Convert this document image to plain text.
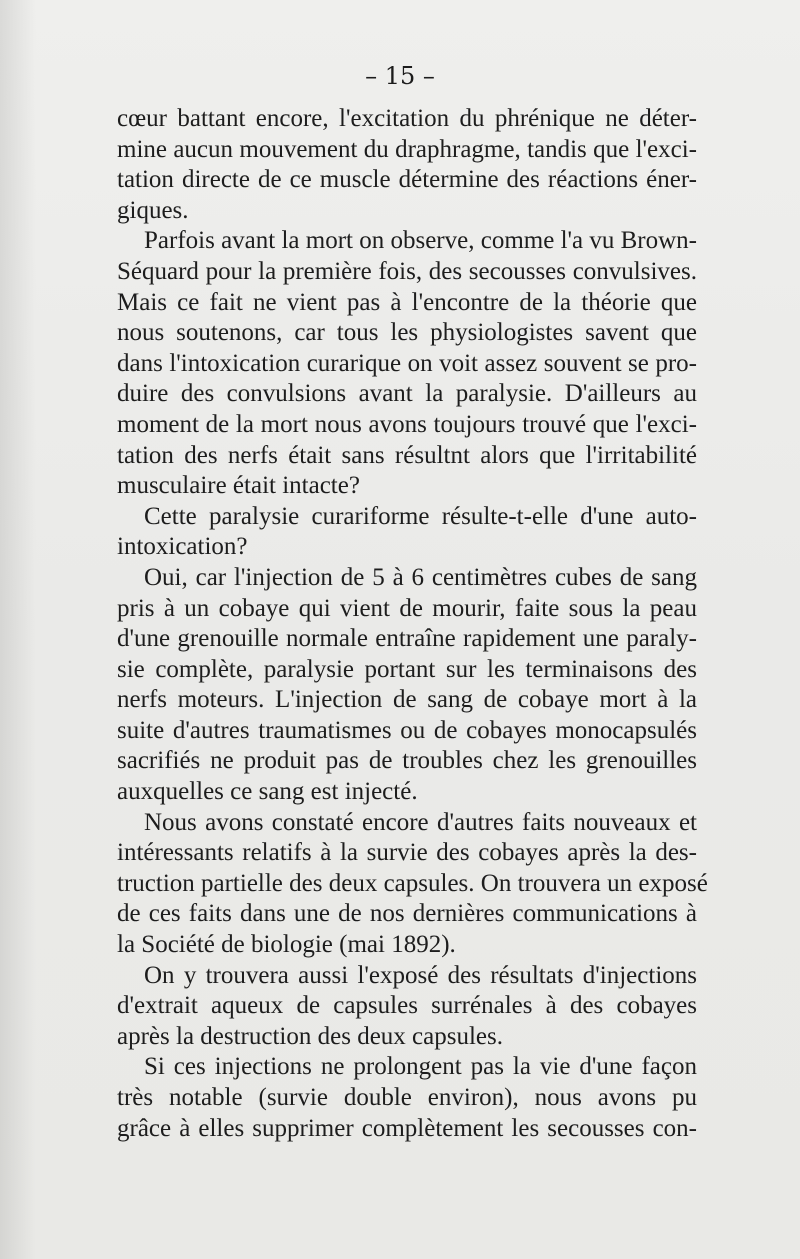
– 15 –
cœur battant encore, l'excitation du phrénique ne déter-
mine aucun mouvement du draphragme, tandis que l'exci-
tation directe de ce muscle détermine des réactions éner-
giques.
Parfois avant la mort on observe, comme l'a vu Brown-
Séquard pour la première fois, des secousses convulsives.
Mais ce fait ne vient pas à l'encontre de la théorie que
nous soutenons, car tous les physiologistes savent que
dans l'intoxication curarique on voit assez souvent se pro-
duire des convulsions avant la paralysie. D'ailleurs au
moment de la mort nous avons toujours trouvé que l'exci-
tation des nerfs était sans résultnt alors que l'irritabilité
musculaire était intacte?
Cette paralysie curariforme résulte-t-elle d'une auto-
intoxication?
Oui, car l'injection de 5 à 6 centimètres cubes de sang
pris à un cobaye qui vient de mourir, faite sous la peau
d'une grenouille normale entraîne rapidement une paraly-
sie complète, paralysie portant sur les terminaisons des
nerfs moteurs. L'injection de sang de cobaye mort à la
suite d'autres traumatismes ou de cobayes monocapsulés
sacrifiés ne produit pas de troubles chez les grenouilles
auxquelles ce sang est injecté.
Nous avons constaté encore d'autres faits nouveaux et
intéressants relatifs à la survie des cobayes après la des-
truction partielle des deux capsules. On trouvera un exposé
de ces faits dans une de nos dernières communications à
la Société de biologie (mai 1892).
On y trouvera aussi l'exposé des résultats d'injections
d'extrait aqueux de capsules surrénales à des cobayes
après la destruction des deux capsules.
Si ces injections ne prolongent pas la vie d'une façon
très notable (survie double environ), nous avons pu
grâce à elles supprimer complètement les secousses con-
